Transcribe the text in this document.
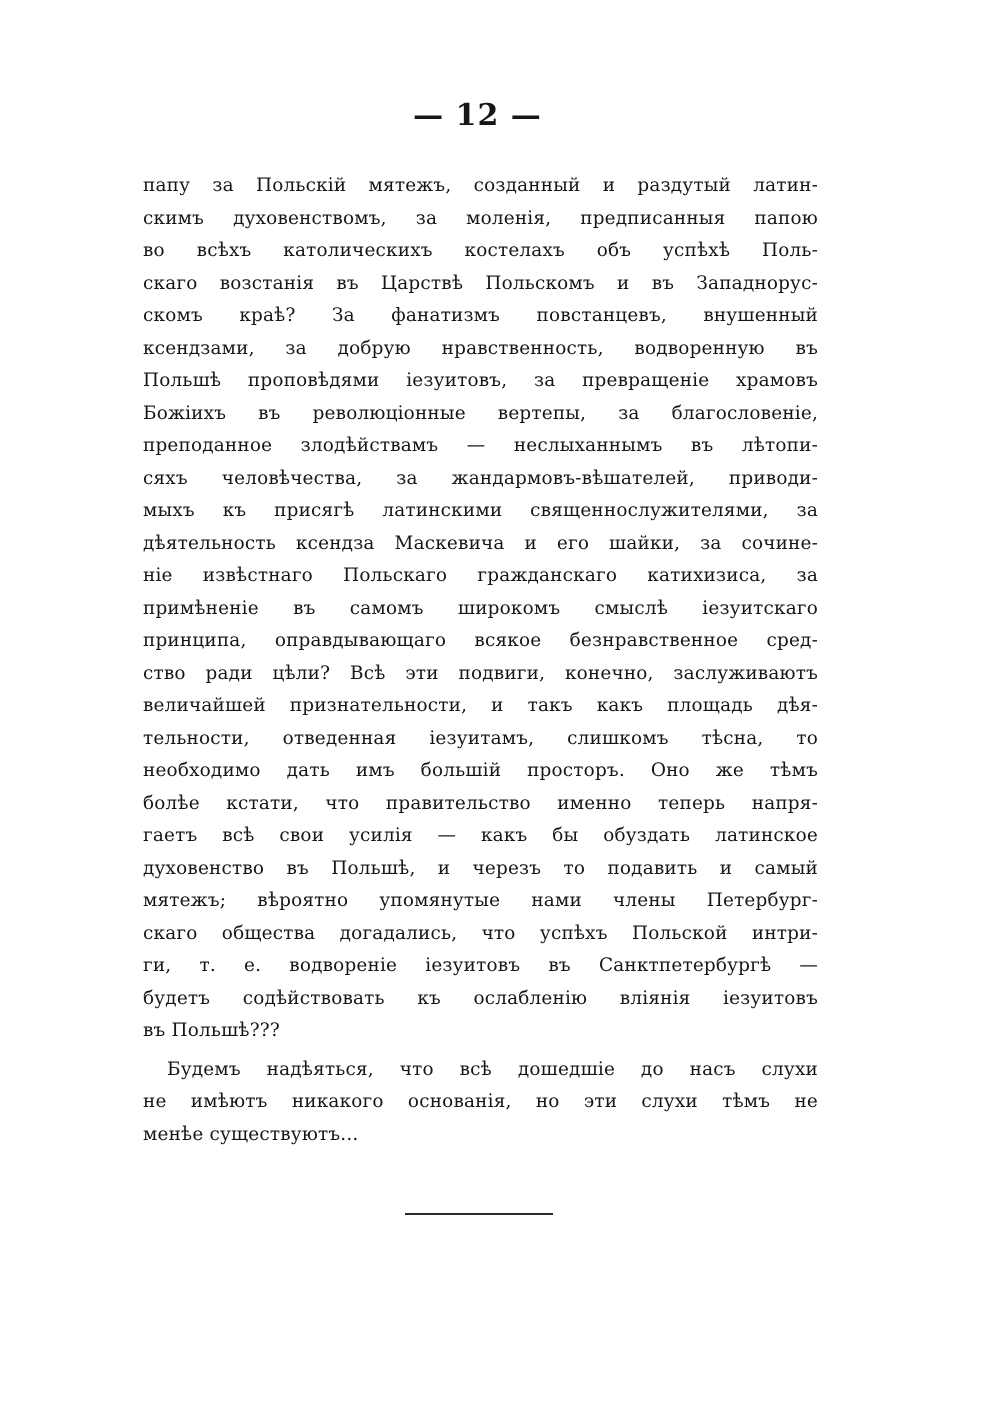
— 12 —
папу за Польскій мятежъ, созданный и раздутый латин-
скимъ духовенствомъ, за моленія, предписанныя папою
во всѣхъ католическихъ костелахъ объ успѣхѣ Поль-
скаго возстанія въ Царствѣ Польскомъ и въ Западнорус-
скомъ краѣ? За фанатизмъ повстанцевъ, внушенный
ксендзами, за добрую нравственность, водворенную въ
Польшѣ проповѣдями іезуитовъ, за превращеніе храмовъ
Божіихъ въ революціонные вертепы, за благословеніе,
преподанное злодѣйствамъ — неслыханнымъ въ лѣтопи-
сяхъ человѣчества, за жандармовъ-вѣшателей, приводи-
мыхъ къ присягѣ латинскими священнослужителями, за
дѣятельность ксендза Маскевича и его шайки, за сочине-
ніе извѣстнаго Польскаго гражданскаго катихизиса, за
примѣненіе въ самомъ широкомъ смыслѣ іезуитскаго
принципа, оправдывающаго всякое безнравственное сред-
ство ради цѣли? Всѣ эти подвиги, конечно, заслуживаютъ
величайшей признательности, и такъ какъ площадь дѣя-
тельности, отведенная іезуитамъ, слишкомъ тѣсна, то
необходимо дать имъ большій просторъ. Оно же тѣмъ
болѣе кстати, что правительство именно теперь напря-
гаетъ всѣ свои усилія — какъ бы обуздать латинское
духовенство въ Польшѣ, и черезъ то подавить и самый
мятежъ; вѣроятно упомянутые нами члены Петербург-
скаго общества догадались, что успѣхъ Польской интри-
ги, т. е. водвореніе іезуитовъ въ Санктпетербургѣ —
будетъ содѣйствовать къ ослабленію вліянія іезуитовъ
въ Польшѣ???
Будемъ надѣяться, что всѣ дошедшіе до насъ слухи
не имѣютъ никакого основанія, но эти слухи тѣмъ не
менѣе существуютъ...
